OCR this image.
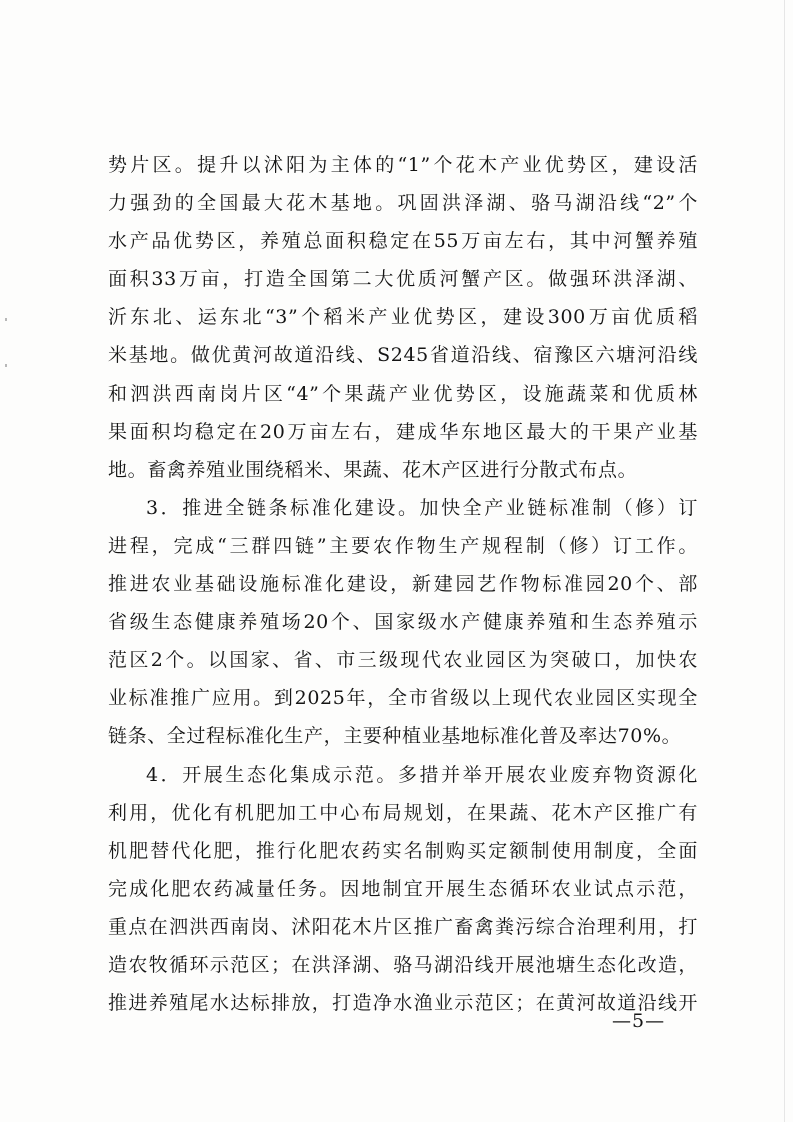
势片区。提升以沭阳为主体的“1”个花木产业优势区，建设活
力强劲的全国最大花木基地。巩固洪泽湖、骆马湖沿线“2”个
水产品优势区，养殖总面积稳定在55万亩左右，其中河蟹养殖
面积33万亩，打造全国第二大优质河蟹产区。做强环洪泽湖、
沂东北、运东北“3”个稻米产业优势区，建设300万亩优质稻
米基地。做优黄河故道沿线、S245省道沿线、宿豫区六塘河沿线
和泗洪西南岗片区“4”个果蔬产业优势区，设施蔬菜和优质林
果面积均稳定在20万亩左右，建成华东地区最大的干果产业基
地。畜禽养殖业围绕稻米、果蔬、花木产区进行分散式布点。
3．推进全链条标准化建设。加快全产业链标准制（修）订
进程，完成“三群四链”主要农作物生产规程制（修）订工作。
推进农业基础设施标准化建设，新建园艺作物标准园20个、部
省级生态健康养殖场20个、国家级水产健康养殖和生态养殖示
范区2个。以国家、省、市三级现代农业园区为突破口，加快农
业标准推广应用。到2025年，全市省级以上现代农业园区实现全
链条、全过程标准化生产，主要种植业基地标准化普及率达70%。
4．开展生态化集成示范。多措并举开展农业废弃物资源化
利用，优化有机肥加工中心布局规划，在果蔬、花木产区推广有
机肥替代化肥，推行化肥农药实名制购买定额制使用制度，全面
完成化肥农药减量任务。因地制宜开展生态循环农业试点示范，
重点在泗洪西南岗、沭阳花木片区推广畜禽粪污综合治理利用，打
造农牧循环示范区；在洪泽湖、骆马湖沿线开展池塘生态化改造，
推进养殖尾水达标排放，打造净水渔业示范区；在黄河故道沿线开
—5—
